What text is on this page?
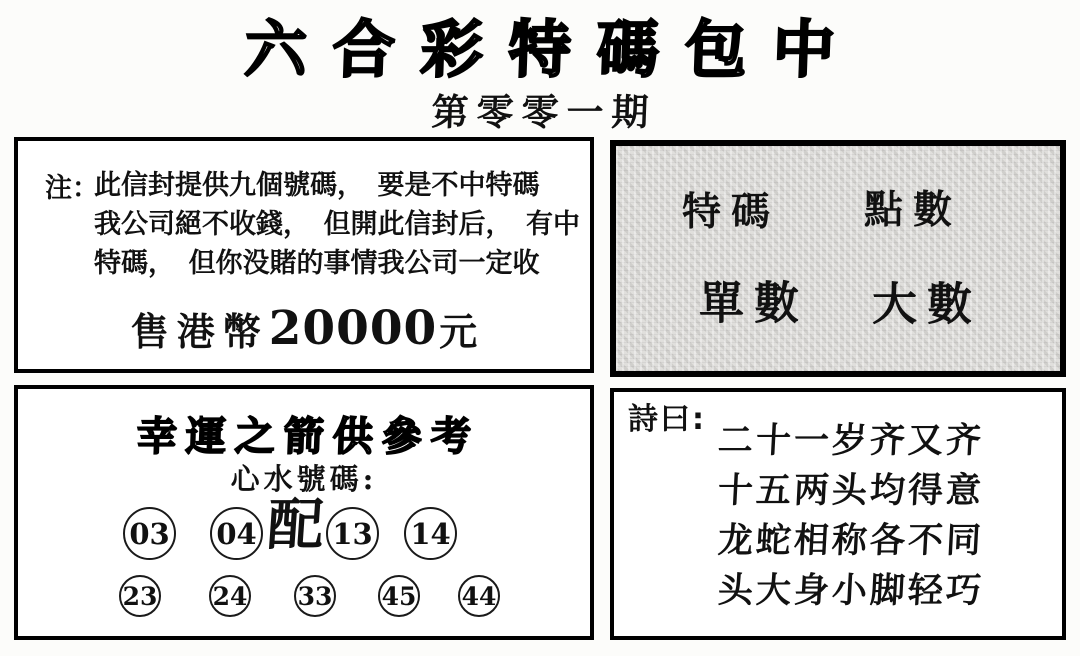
六合彩特碼包中
第零零一期
注：
此信封提供九個號碼，　要是不中特碼
我公司絕不收錢，　但開此信封后，　有中
特碼，　但你没賭的事情我公司一定收
售港幣20000元
特碼 點數
單數 大數
幸運之箭供參考
心水號碼:
配
03 04	13 14
23 24 33 45 44
詩曰:
二十一岁齐又齐
十五两头均得意
龙蛇相称各不同
头大身小脚轻巧
